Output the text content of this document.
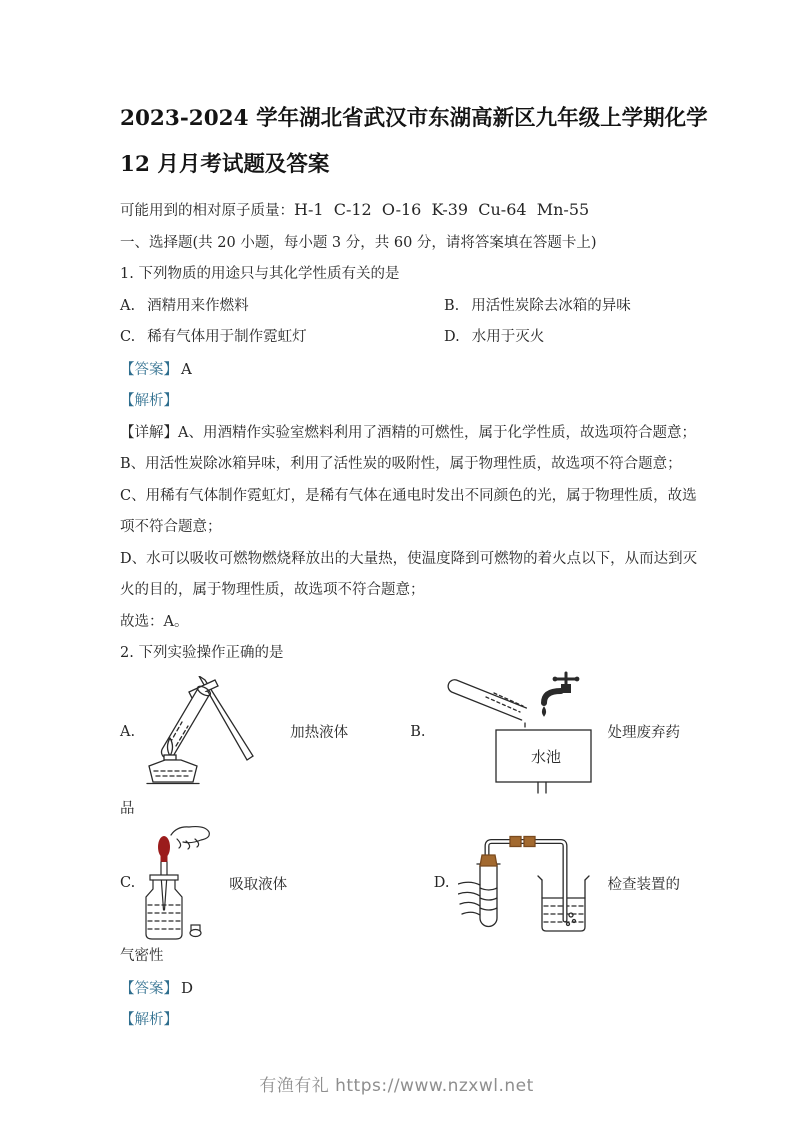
2023-2024 学年湖北省武汉市东湖高新区九年级上学期化学
12 月月考试题及答案

可能用到的相对原子质量：H-1  C-12  O-16  K-39  Cu-64  Mn-55

一、选择题(共 20 小题，每小题 3 分，共 60 分，请将答案填在答题卡上)

1. 下列物质的用途只与其化学性质有关的是

A. 酒精用来作燃料	B. 用活性炭除去冰箱的异味
C. 稀有气体用于制作霓虹灯	D. 水用于灭火

【答案】 A

【解析】

【详解】A、用酒精作实验室燃料利用了酒精的可燃性，属于化学性质，故选项符合题意；

B、用活性炭除冰箱异味，利用了活性炭的吸附性，属于物理性质，故选项不符合题意；

C、用稀有气体制作霓虹灯，是稀有气体在通电时发出不同颜色的光，属于物理性质，故选

项不符合题意；

D、水可以吸收可燃物燃烧释放出的大量热，使温度降到可燃物的着火点以下，从而达到灭

火的目的，属于物理性质，故选项不符合题意；

故选：A。

2. 下列实验操作正确的是

A.	加热液体	B.
水池
处理废弃药

品

C.	吸取液体	D.	检查装置的

气密性

【答案】 D

【解析】

有渔有礼 https://www.nzxwl.net
